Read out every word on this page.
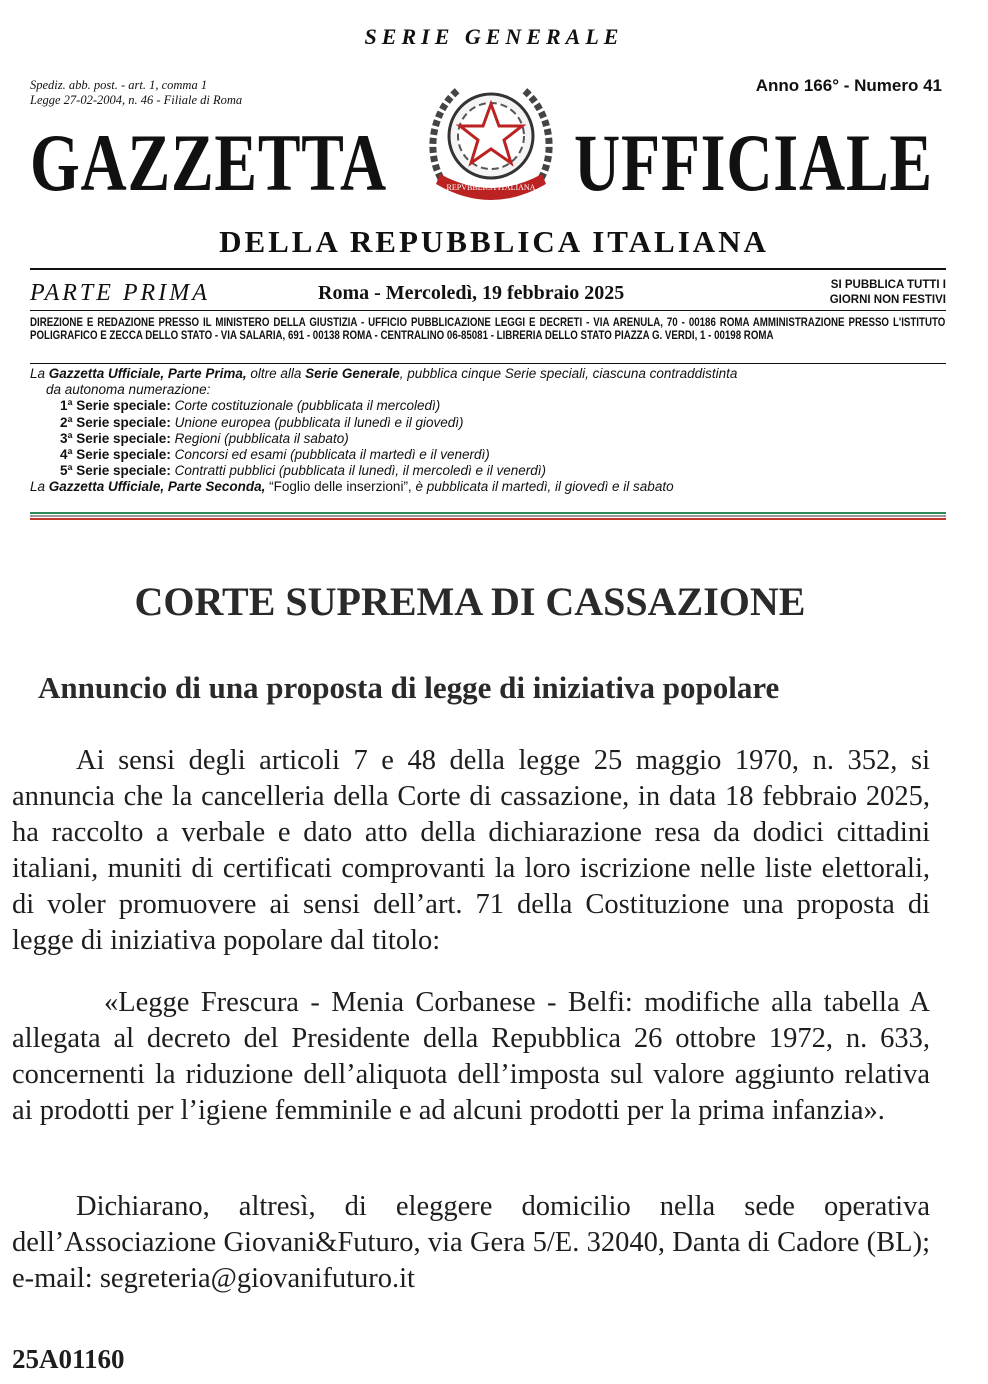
SERIE GENERALE
Spediz. abb. post. - art. 1, comma 1
Legge 27-02-2004, n. 46 - Filiale di Roma
Anno 166° - Numero 41
GAZZETTA UFFICIALE
REPVBBLICA ITALIANA
DELLA REPUBBLICA ITALIANA
PARTE PRIMA	Roma - Mercoledì, 19 febbraio 2025	SI PUBBLICA TUTTI I
GIORNI NON FESTIVI
DIREZIONE E REDAZIONE PRESSO IL MINISTERO DELLA GIUSTIZIA - UFFICIO PUBBLICAZIONE LEGGI E DECRETI - VIA ARENULA, 70 - 00186 ROMA AMMINISTRAZIONE PRESSO L'ISTITUTO POLIGRAFICO E ZECCA DELLO STATO - VIA SALARIA, 691 - 00138 ROMA - CENTRALINO 06-85081 - LIBRERIA DELLO STATO PIAZZA G. VERDI, 1 - 00198 ROMA
La Gazzetta Ufficiale, Parte Prima, oltre alla Serie Generale, pubblica cinque Serie speciali, ciascuna contraddistinta
da autonoma numerazione:
1ª Serie speciale: Corte costituzionale (pubblicata il mercoledì)
2ª Serie speciale: Unione europea (pubblicata il lunedì e il giovedì)
3ª Serie speciale: Regioni (pubblicata il sabato)
4ª Serie speciale: Concorsi ed esami (pubblicata il martedì e il venerdì)
5ª Serie speciale: Contratti pubblici (pubblicata il lunedì, il mercoledì e il venerdì)
La Gazzetta Ufficiale, Parte Seconda, “Foglio delle inserzioni”, è pubblicata il martedì, il giovedì e il sabato
CORTE SUPREMA DI CASSAZIONE
Annuncio di una proposta di legge di iniziativa popolare
Ai sensi degli articoli 7 e 48 della legge 25 maggio 1970, n. 352, si annuncia che la cancelleria della Corte di cassazione, in data 18 febbraio 2025, ha raccolto a verbale e dato atto della dichiarazione resa da dodici cittadini italiani, muniti di certificati comprovanti la loro iscrizione nelle liste elettorali, di voler promuovere ai sensi dell’art. 71 della Costituzione una proposta di legge di iniziativa popolare dal titolo:
«Legge Frescura - Menia Corbanese - Belfi: modifiche alla tabella A allegata al decreto del Presidente della Repubblica 26 ottobre 1972, n. 633, concernenti la riduzione dell’aliquota dell’imposta sul valore aggiunto relativa ai prodotti per l’igiene femminile e ad alcuni prodotti per la prima infanzia».
Dichiarano, altresì, di eleggere domicilio nella sede operativa dell’Associazione Giovani&Futuro, via Gera 5/E. 32040, Danta di Cadore (BL); e-mail: segreteria@giovanifuturo.it
25A01160
